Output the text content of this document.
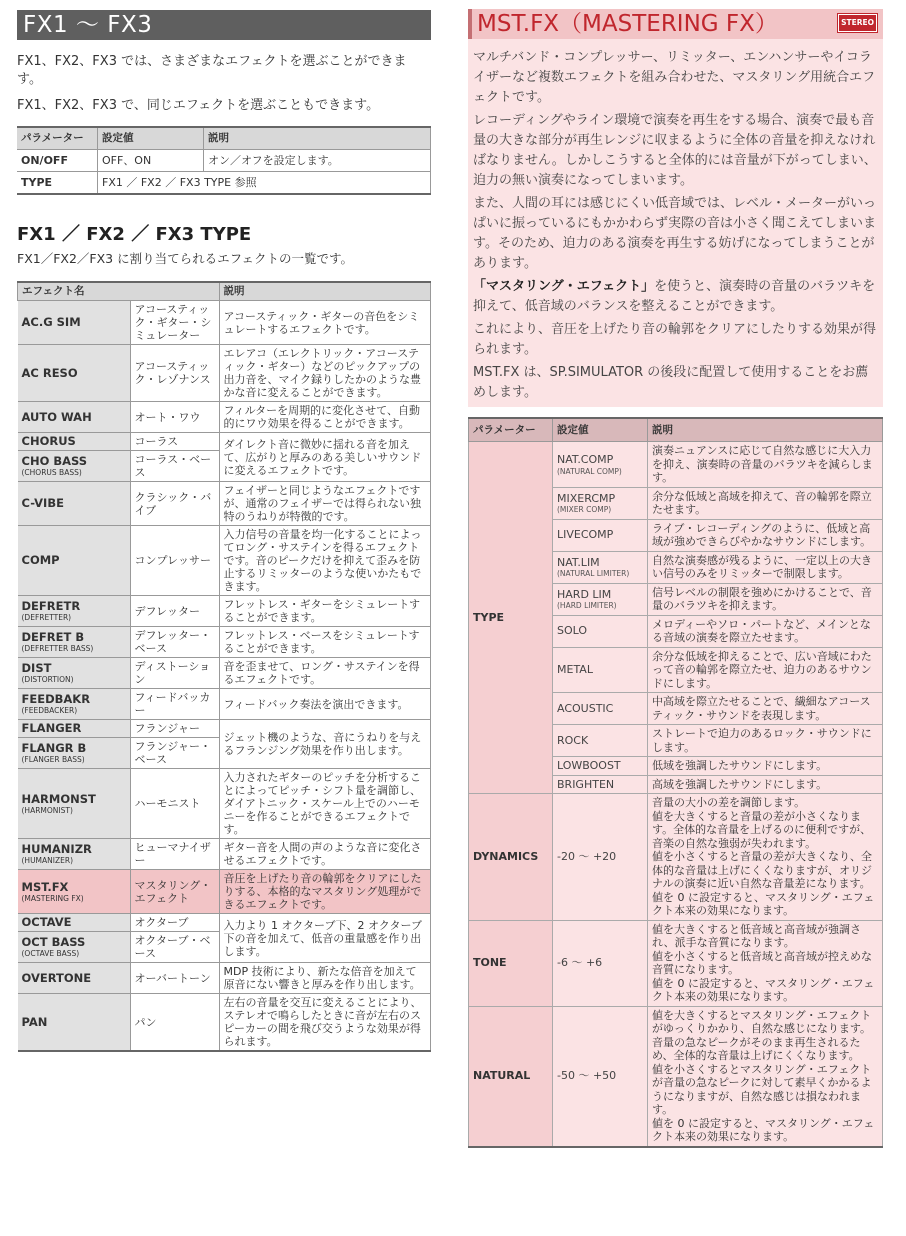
FX1 〜 FX3

FX1、FX2、FX3 では、さまざまなエフェクトを選ぶことができます。

FX1、FX2、FX3 で、同じエフェクトを選ぶこともできます。

パラメーター	設定値	説明
ON/OFF	OFF、ON	オン／オフを設定します。
TYPE	FX1 ／ FX2 ／ FX3 TYPE 参照	
FX1 ／ FX2 ／ FX3 TYPE
FX1／FX2／FX3 に割り当てられるエフェクトの一覧です。
エフェクト名		説明
AC.G SIM	アコースティック・ギター・シミュレーター	アコースティック・ギターの音色をシミュレートするエフェクトです。
AC RESO	アコースティック・レゾナンス	エレアコ（エレクトリック・アコースティック・ギター）などのピックアップの出力音を、マイク録りしたかのような豊かな音に変えることができます。
AUTO WAH	オート・ワウ	フィルターを周期的に変化させて、自動的にワウ効果を得ることができます。
CHORUS	コーラス	ダイレクト音に微妙に揺れる音を加えて、広がりと厚みのある美しいサウンドに変えるエフェクトです。
CHO BASS
(CHORUS BASS)	コーラス・ベース	
C-VIBE	クラシック・バイブ	フェイザーと同じようなエフェクトですが、通常のフェイザーでは得られない独特のうねりが特徴的です。
COMP	コンプレッサー	入力信号の音量を均一化することによってロング・サステインを得るエフェクトです。音のピークだけを抑えて歪みを防止するリミッターのような使いかたもできます。
DEFRETR
(DEFRETTER)	デフレッター	フレットレス・ギターをシミュレートすることができます。
DEFRET B
(DEFRETTER BASS)	デフレッター・ベース	フレットレス・ベースをシミュレートすることができます。
DIST
(DISTORTION)	ディストーション	音を歪ませて、ロング・サステインを得るエフェクトです。
FEEDBAKR
(FEEDBACKER)	フィードバッカー	フィードバック奏法を演出できます。
FLANGER	フランジャー	ジェット機のような、音にうねりを与えるフランジング効果を作り出します。
FLANGR B
(FLANGER BASS)	フランジャー・ベース	
HARMONST
(HARMONIST)	ハーモニスト	入力されたギターのピッチを分析することによってピッチ・シフト量を調節し、ダイアトニック・スケール上でのハーモニーを作ることができるエフェクトです。
HUMANIZR
(HUMANIZER)	ヒューマナイザー	ギター音を人間の声のような音に変化させるエフェクトです。
MST.FX
(MASTERING FX)	マスタリング・エフェクト	音圧を上げたり音の輪郭をクリアにしたりする、本格的なマスタリング処理ができるエフェクトです。
OCTAVE	オクターブ	入力より 1 オクターブ下、2 オクターブ下の音を加えて、低音の重量感を作り出します。
OCT BASS
(OCTAVE BASS)	オクターブ・ベース	
OVERTONE	オーバートーン	MDP 技術により、新たな倍音を加えて原音にない響きと厚みを作り出します。
PAN	パン	左右の音量を交互に変えることにより、ステレオで鳴らしたときに音が左右のスピーカーの間を飛び交うような効果が得られます。
MST.FX（MASTERING FX）	STEREO

マルチバンド・コンプレッサー、リミッター、エンハンサーやイコライザーなど複数エフェクトを組み合わせた、マスタリング用統合エフェクトです。

レコーディングやライン環境で演奏を再生をする場合、演奏で最も音量の大きな部分が再生レンジに収まるように全体の音量を抑えなければなりません。しかしこうすると全体的には音量が下がってしまい、迫力の無い演奏になってしまいます。

また、人間の耳には感じにくい低音域では、レベル・メーターがいっぱいに振っているにもかかわらず実際の音は小さく聞こえてしまいます。そのため、迫力のある演奏を再生する妨げになってしまうことがあります。

「マスタリング・エフェクト」を使うと、演奏時の音量のバラツキを抑えて、低音域のバランスを整えることができます。

これにより、音圧を上げたり音の輪郭をクリアにしたりする効果が得られます。

MST.FX は、SP.SIMULATOR の後段に配置して使用することをお薦めします。

パラメーター	設定値	説明
TYPE	NAT.COMP
(NATURAL COMP)	演奏ニュアンスに応じて自然な感じに大入力を抑え、演奏時の音量のバラツキを減らします。
	MIXERCMP
(MIXER COMP)	余分な低域と高域を抑えて、音の輪郭を際立たせます。
	LIVECOMP	ライブ・レコーディングのように、低域と高域が強めできらびやかなサウンドにします。
	NAT.LIM
(NATURAL LIMITER)	自然な演奏感が残るように、一定以上の大きい信号のみをリミッターで制限します。
	HARD LIM
(HARD LIMITER)	信号レベルの制限を強めにかけることで、音量のバラツキを抑えます。
	SOLO	メロディーやソロ・パートなど、メインとなる音域の演奏を際立たせます。
	METAL	余分な低域を抑えることで、広い音域にわたって音の輪郭を際立たせ、迫力のあるサウンドにします。
	ACOUSTIC	中高域を際立たせることで、繊細なアコースティック・サウンドを表現します。
	ROCK	ストレートで迫力のあるロック・サウンドにします。
	LOWBOOST	低域を強調したサウンドにします。
	BRIGHTEN	高域を強調したサウンドにします。
DYNAMICS	-20 〜 +20	音量の大小の差を調節します。
値を大きくすると音量の差が小さくなります。全体的な音量を上げるのに便利ですが、音楽の自然な強弱が失われます。
値を小さくすると音量の差が大きくなり、全体的な音量は上げにくくなりますが、オリジナルの演奏に近い自然な音量差になります。
値を 0 に設定すると、マスタリング・エフェクト本来の効果になります。

TONE	-6 〜 +6	値を大きくすると低音域と高音域が強調され、派手な音質になります。
値を小さくすると低音域と高音域が控えめな音質になります。
値を 0 に設定すると、マスタリング・エフェクト本来の効果になります。

NATURAL	-50 〜 +50	値を大きくするとマスタリング・エフェクトがゆっくりかかり、自然な感じになります。音量の急なピークがそのまま再生されるため、全体的な音量は上げにくくなります。
値を小さくするとマスタリング・エフェクトが音量の急なピークに対して素早くかかるようになりますが、自然な感じは損なわれます。
値を 0 に設定すると、マスタリング・エフェクト本来の効果になります。
